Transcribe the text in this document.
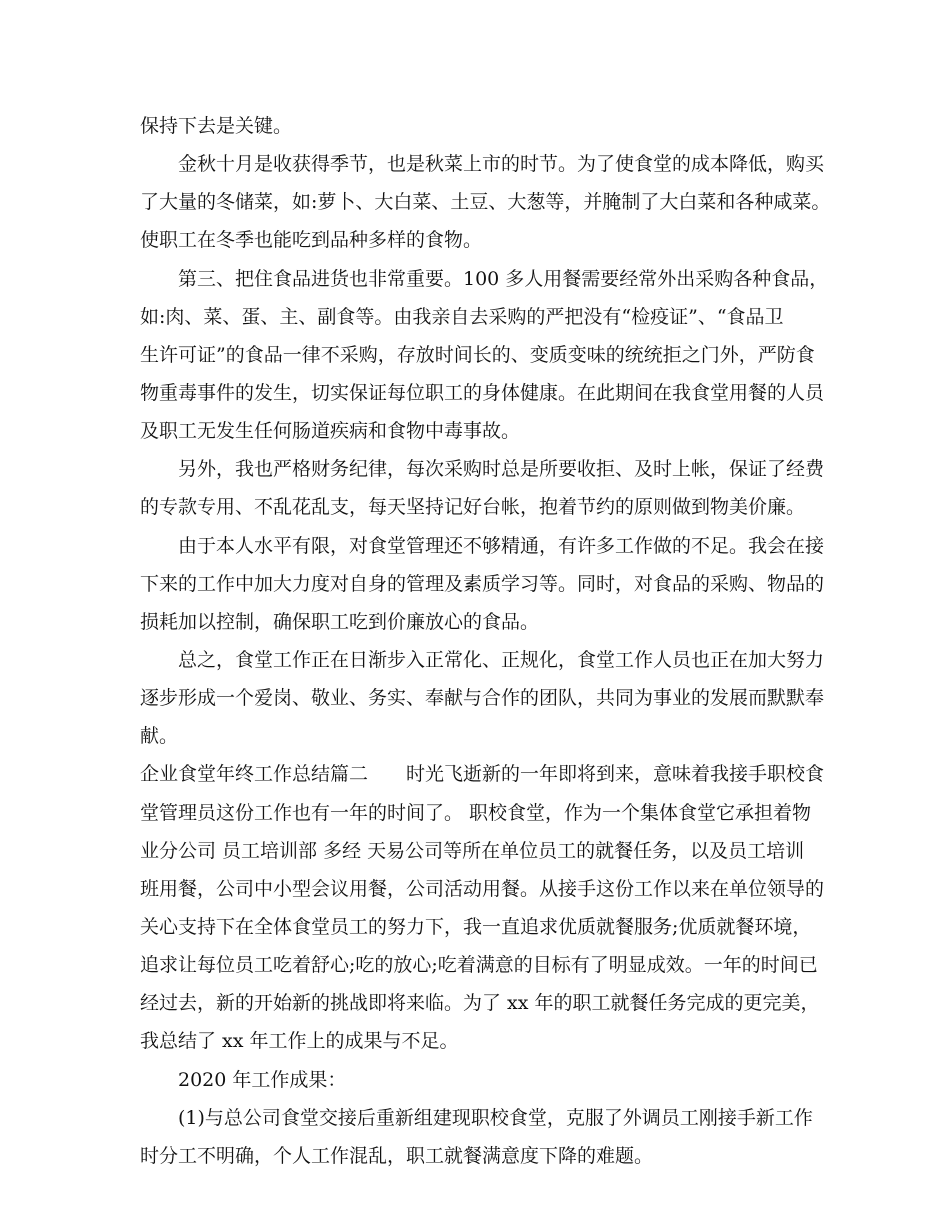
保持下去是关键。
金秋十月是收获得季节，也是秋菜上市的时节。为了使食堂的成本降低，购买
了大量的冬储菜，如:萝卜、大白菜、土豆、大葱等，并腌制了大白菜和各种咸菜。
使职工在冬季也能吃到品种多样的食物。
第三、把住食品进货也非常重要。100 多人用餐需要经常外出采购各种食品，
如:肉、菜、蛋、主、副食等。由我亲自去采购的严把没有“检疫证”、“食品卫
生许可证”的食品一律不采购，存放时间长的、变质变味的统统拒之门外，严防食
物重毒事件的发生，切实保证每位职工的身体健康。在此期间在我食堂用餐的人员
及职工无发生任何肠道疾病和食物中毒事故。
另外，我也严格财务纪律，每次采购时总是所要收拒、及时上帐，保证了经费
的专款专用、不乱花乱支，每天坚持记好台帐，抱着节约的原则做到物美价廉。
由于本人水平有限，对食堂管理还不够精通，有许多工作做的不足。我会在接
下来的工作中加大力度对自身的管理及素质学习等。同时，对食品的采购、物品的
损耗加以控制，确保职工吃到价廉放心的食品。
总之，食堂工作正在日渐步入正常化、正规化，食堂工作人员也正在加大努力
逐步形成一个爱岗、敬业、务实、奉献与合作的团队，共同为事业的发展而默默奉
献。
企业食堂年终工作总结篇二　　时光飞逝新的一年即将到来，意味着我接手职校食
堂管理员这份工作也有一年的时间了。 职校食堂，作为一个集体食堂它承担着物
业分公司 员工培训部 多经 天易公司等所在单位员工的就餐任务，以及员工培训
班用餐，公司中小型会议用餐，公司活动用餐。从接手这份工作以来在单位领导的
关心支持下在全体食堂员工的努力下，我一直追求优质就餐服务;优质就餐环境，
追求让每位员工吃着舒心;吃的放心;吃着满意的目标有了明显成效。一年的时间已
经过去，新的开始新的挑战即将来临。为了 xx 年的职工就餐任务完成的更完美，
我总结了 xx 年工作上的成果与不足。
2020 年工作成果：
(1)与总公司食堂交接后重新组建现职校食堂，克服了外调员工刚接手新工作
时分工不明确，个人工作混乱，职工就餐满意度下降的难题。
